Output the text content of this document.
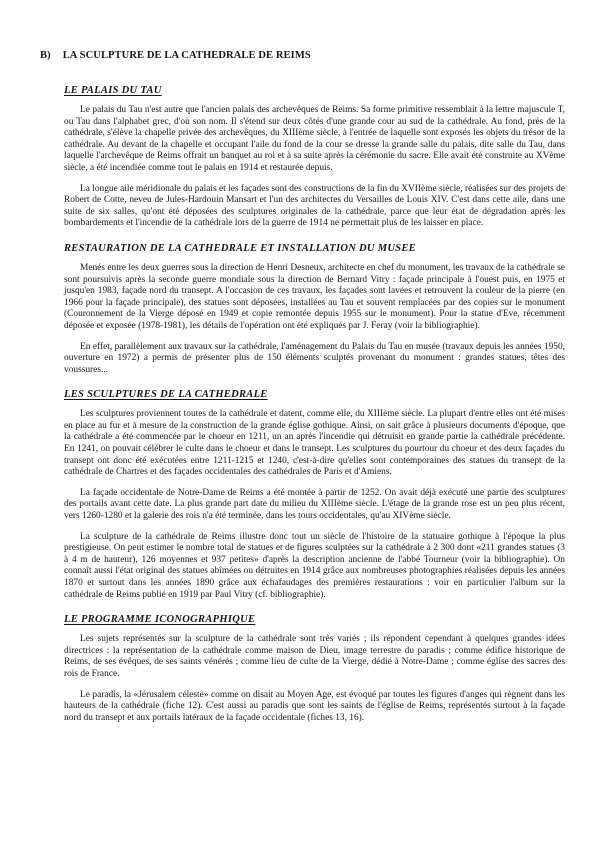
B) LA SCULPTURE DE LA CATHEDRALE DE REIMS
LE PALAIS DU TAU

Le palais du Tau n'est autre que l'ancien palais des archevêques de Reims. Sa forme primitive ressemblait à la lettre majuscule T, ou Tau dans l'alphabet grec, d'où son nom. Il s'étend sur deux côtés d'une grande cour au sud de la cathédrale. Au fond, près de la cathédrale, s'élève la chapelle privée des archevêques, du XIIIème siècle, à l'entrée de laquelle sont exposés les objets du trésor de la cathédrale. Au devant de la chapelle et occupant l'aile du fond de la cour se dresse la grande salle du palais, dite salle du Tau, dans laquelle l'archevêque de Reims offrait un banquet au roi et à sa suite après la cérémonie du sacre. Elle avait été construite au XVème siècle, a été incendiée comme tout le palais en 1914 et restaurée depuis.

La longue aile méridionale du palais et les façades sont des constructions de la fin du XVIIème siècle, réalisées sur des projets de Robert de Cotte, neveu de Jules-Hardouin Mansart et l'un des architectes du Versailles de Louis XIV. C'est dans cette aile, dans une suite de six salles, qu'ont été déposées des sculptures originales de la cathédrale, parce que leur état de dégradation après les bombardements et l'incendie de la cathédrale lors de la guerre de 1914 ne permettait plus de les laisser en place.

RESTAURATION DE LA CATHEDRALE ET INSTALLATION DU MUSEE

Menés entre les deux guerres sous la direction de Henri Desneux, architecte en chef du monument, les travaux de la cathédrale se sont poursuivis après la seconde guerre mondiale sous la direction de Bernard Vitry : façade principale à l'ouest puis, en 1975 et jusqu'en 1983, façade nord du transept. A l'occasion de ces travaux, les façades sont lavées et retrouvent la couleur de la pierre (en 1966 pour la façade principale), des statues sont déposées, installées au Tau et souvent remplacées par des copies sur le monument (Couronnement de la Vierge déposé en 1949 et copie remontée depuis 1955 sur le monument). Pour la statue d'Eve, récemment déposée et exposée (1978-1981), les détails de l'opération ont été expliqués par J. Feray (voir la bibliographie).

En effet, parallèlement aux travaux sur la cathédrale, l'aménagement du Palais du Tau en musée (travaux depuis les années 1950, ouverture en 1972) a permis de présenter plus de 150 éléments sculptés provenant du monument : grandes statues, têtes des voussures...

LES SCULPTURES DE LA CATHEDRALE

Les sculptures proviennent toutes de la cathédrale et datent, comme elle, du XIIIème siècle. La plupart d'entre elles ont été mises en place au fur et à mesure de la construction de la grande église gothique. Ainsi, on sait grâce à plusieurs documents d'époque, que la cathédrale a été commencée par le choeur en 1211, un an après l'incendie qui détruisit en grande partie la cathédrale précédente. En 1241, on pouvait célébrer le culte dans le choeur et dans le transept. Les sculptures du pourtour du choeur et des deux façades du transept ont donc été exécutées entre 1211-1215 et 1240, c'est-à-dire qu'elles sont contemporaines des statues du transept de la cathédrale de Chartres et des façades occidentales des cathédrales de Paris et d'Amiens.

La façade occidentale de Notre-Dame de Reims a été montée à partir de 1252. On avait déjà exécuté une partie des sculptures des portails avant cette date. La plus grande part date du milieu du XIIIème siècle. L'étage de la grande rose est un peu plus récent, vers 1260-1280 et la galerie des rois n'a été terminée, dans les tours occidentales, qu'au XIVème siècle.

La sculpture de la cathédrale de Reims illustre donc tout un siècle de l'histoire de la statuaire gothique à l'époque la plus prestigieuse. On peut estimer le nombre total de statues et de figures sculptées sur la cathédrale à 2 300 dont «211 grandes statues (3 à 4 m de hauteur), 126 moyennes et 937 petites» d'après la description ancienne de l'abbé Tourneur (voir la bibliographie). On connaît aussi l'état original des statues abîmées ou détruites en 1914 grâce aux nombreuses photographies réalisées depuis les années 1870 et surtout dans les années 1890 grâce aux échafaudages des premières restaurations : voir en particulier l'album sur la cathédrale de Reims publié en 1919 par Paul Vitry (cf. bibliographie).

LE PROGRAMME ICONOGRAPHIQUE

Les sujets représentés sur la sculpture de la cathédrale sont très variés ; ils répondent cependant à quelques grandes idées directrices : la représentation de la cathédrale comme maison de Dieu, image terrestre du paradis ; comme édifice historique de Reims, de ses évêques, de ses saints vénérés ; comme lieu de culte de la Vierge, dédié à Notre-Dame ; comme église des sacres des rois de France.

Le paradis, la «Jérusalem céleste» comme on disait au Moyen Age, est évoqué par toutes les figures d'anges qui règnent dans les hauteurs de la cathédrale (fiche 12). C'est aussi au paradis que sont les saints de l'église de Reims, représentés surtout à la façade nord du transept et aux portails latéraux de la façade occidentale (fiches 13, 16).
